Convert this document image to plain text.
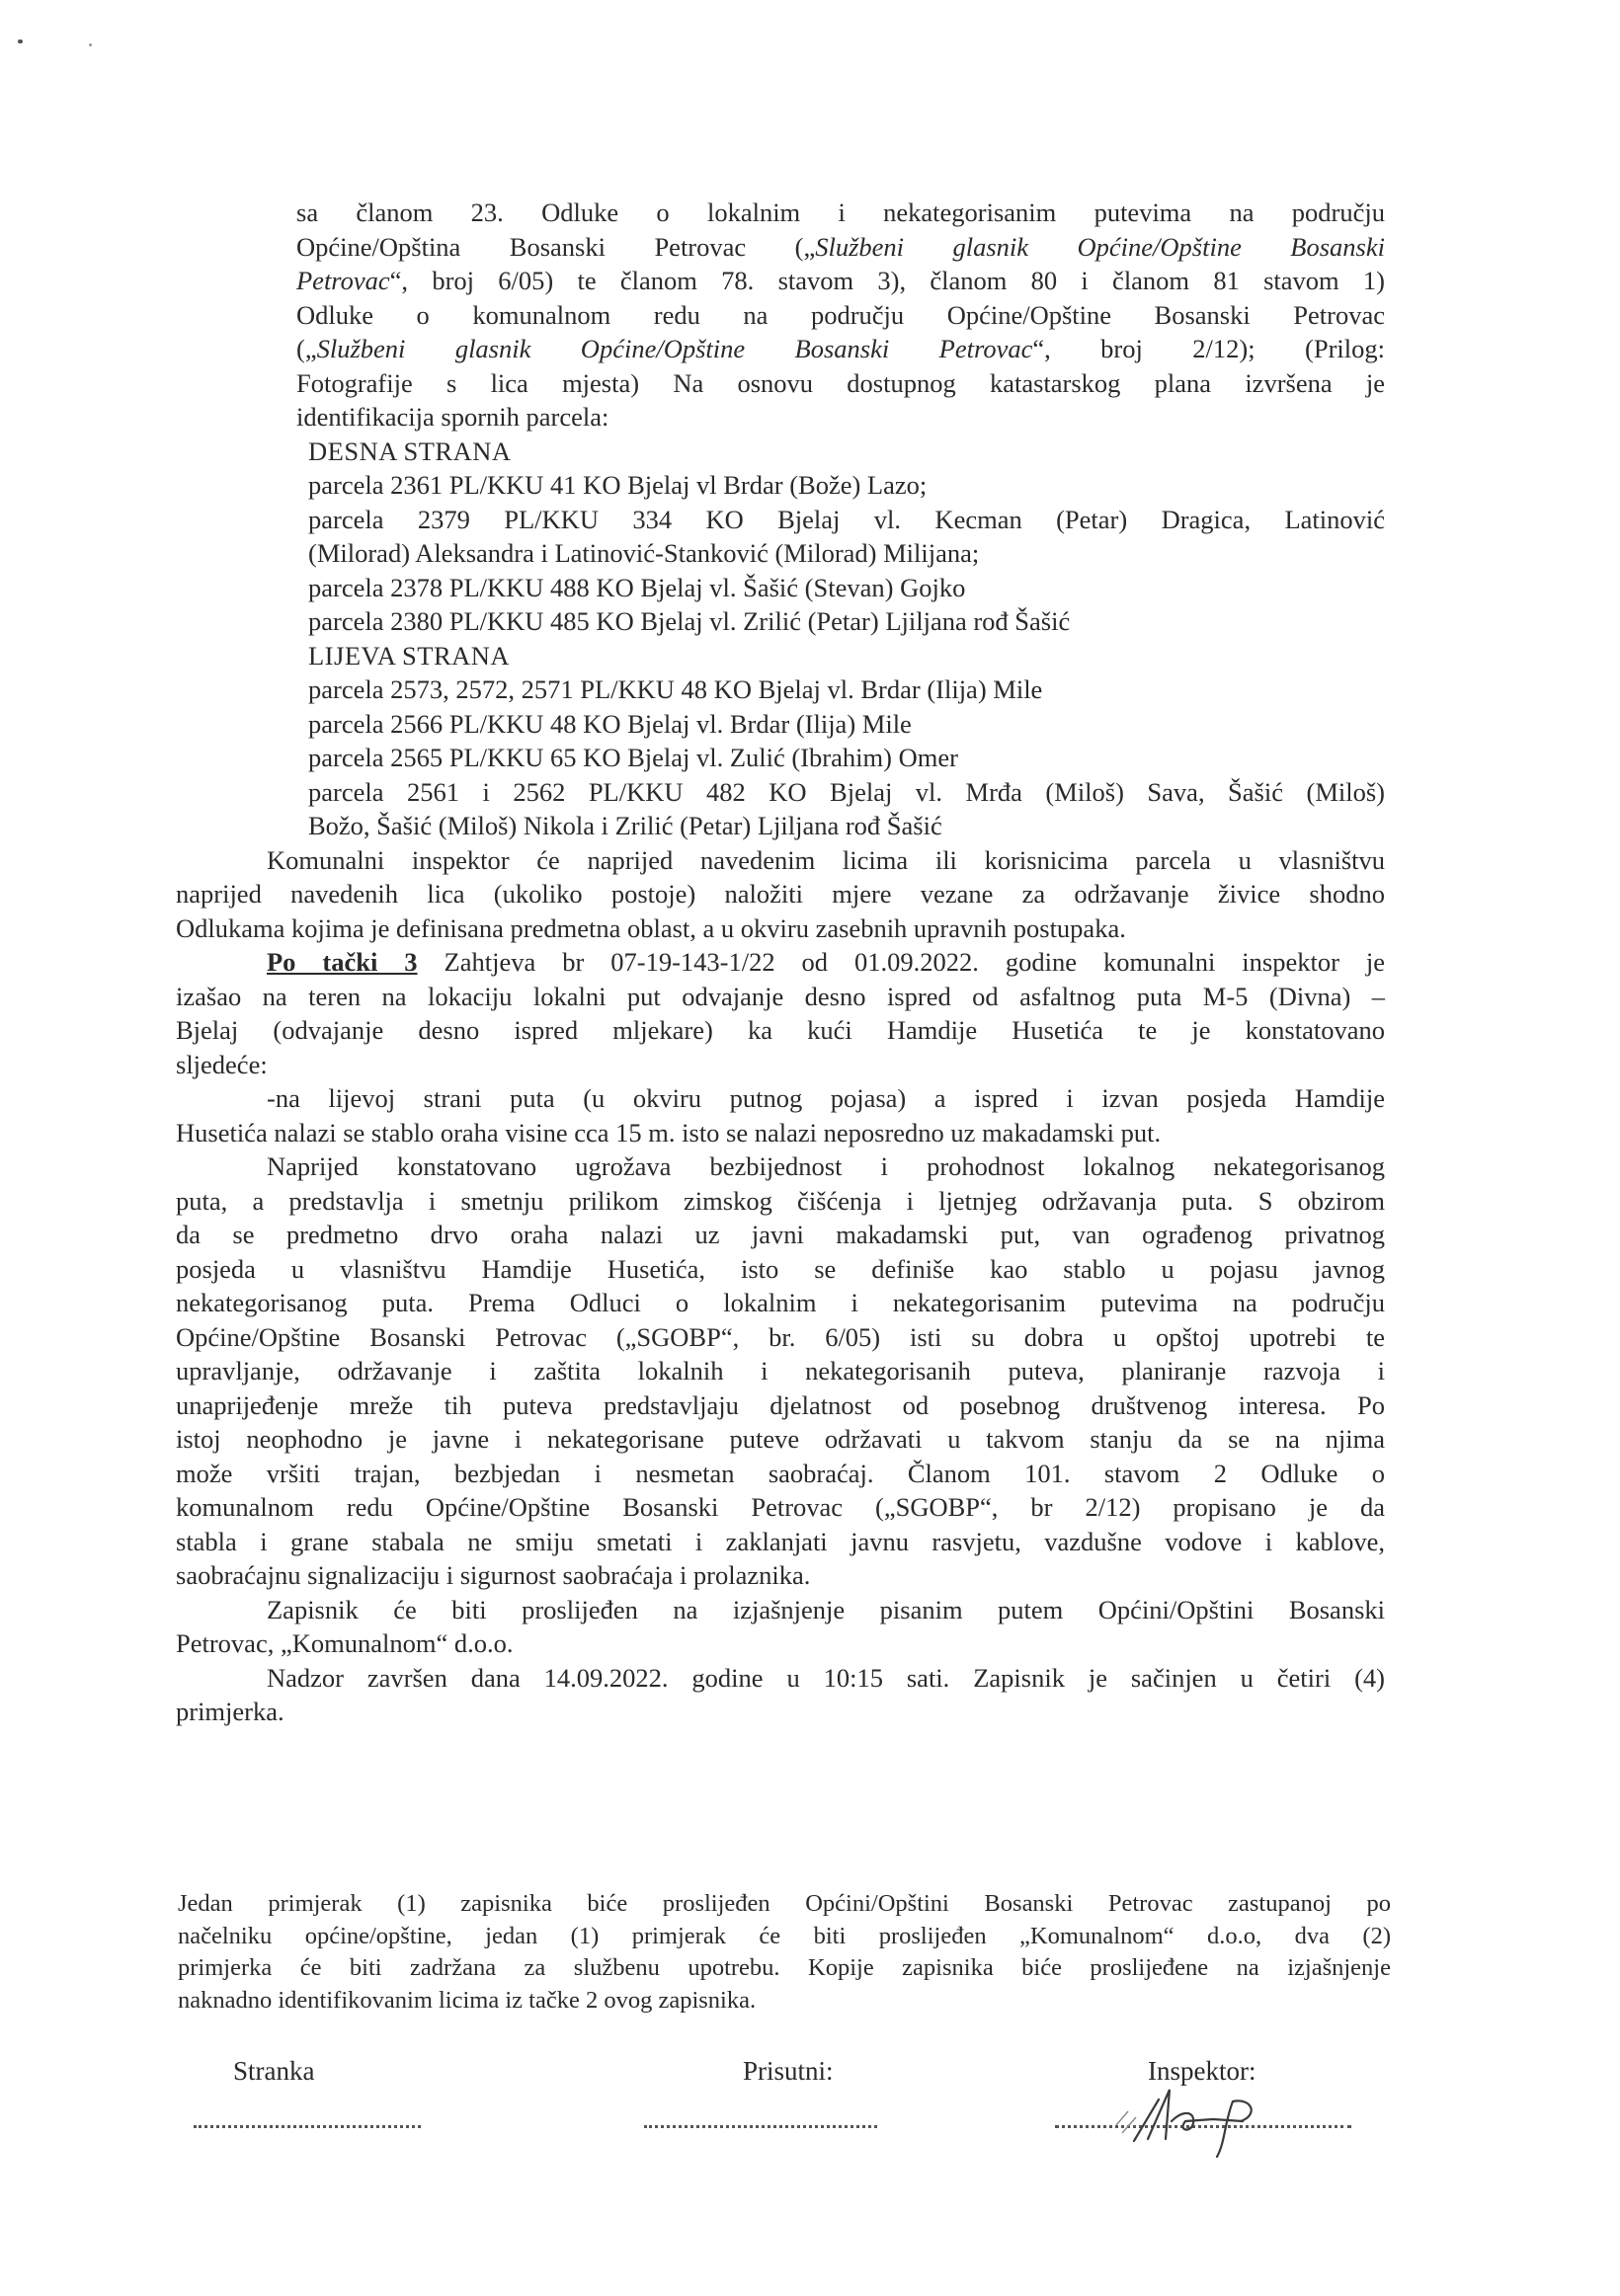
sa članom 23. Odluke o lokalnim i nekategorisanim putevima na području

Općine/Opština Bosanski Petrovac („Službeni glasnik Općine/Opštine Bosanski

Petrovac“, broj 6/05) te članom 78. stavom 3), članom 80 i članom 81 stavom 1)

Odluke o komunalnom redu na području Općine/Opštine Bosanski Petrovac

(„Službeni glasnik Općine/Opštine Bosanski Petrovac“, broj 2/12); (Prilog:

Fotografije s lica mjesta) Na osnovu dostupnog katastarskog plana izvršena je

identifikacija spornih parcela:

DESNA STRANA

parcela 2361 PL/KKU 41 KO Bjelaj vl Brdar (Bože) Lazo;

parcela 2379 PL/KKU 334 KO Bjelaj vl. Kecman (Petar) Dragica, Latinović

(Milorad) Aleksandra i Latinović-Stanković (Milorad) Milijana;

parcela 2378 PL/KKU 488 KO Bjelaj vl. Šašić (Stevan) Gojko

parcela 2380 PL/KKU 485 KO Bjelaj vl. Zrilić (Petar) Ljiljana rođ Šašić

LIJEVA STRANA

parcela 2573, 2572, 2571 PL/KKU 48 KO Bjelaj vl. Brdar (Ilija) Mile

parcela 2566 PL/KKU 48 KO Bjelaj vl. Brdar (Ilija) Mile

parcela 2565 PL/KKU 65 KO Bjelaj vl. Zulić (Ibrahim) Omer

parcela 2561 i 2562 PL/KKU 482 KO Bjelaj vl. Mrđa (Miloš) Sava, Šašić (Miloš)

Božo, Šašić (Miloš) Nikola i Zrilić (Petar) Ljiljana rođ Šašić

Komunalni inspektor će naprijed navedenim licima ili korisnicima parcela u vlasništvu

naprijed navedenih lica (ukoliko postoje) naložiti mjere vezane za održavanje živice shodno

Odlukama kojima je definisana predmetna oblast, a u okviru zasebnih upravnih postupaka.

Po tački 3 Zahtjeva br 07-19-143-1/22 od 01.09.2022. godine komunalni inspektor je

izašao na teren na lokaciju lokalni put odvajanje desno ispred od asfaltnog puta M-5 (Divna) –

Bjelaj (odvajanje desno ispred mljekare) ka kući Hamdije Husetića te je konstatovano

sljedeće:

-na lijevoj strani puta (u okviru putnog pojasa) a ispred i izvan posjeda Hamdije

Husetića nalazi se stablo oraha visine cca 15 m. isto se nalazi neposredno uz makadamski put.

Naprijed konstatovano ugrožava bezbijednost i prohodnost lokalnog nekategorisanog

puta, a predstavlja i smetnju prilikom zimskog čišćenja i ljetnjeg održavanja puta. S obzirom

da se predmetno drvo oraha nalazi uz javni makadamski put, van ograđenog privatnog

posjeda u vlasništvu Hamdije Husetića, isto se definiše kao stablo u pojasu javnog

nekategorisanog puta. Prema Odluci o lokalnim i nekategorisanim putevima na području

Općine/Opštine Bosanski Petrovac („SGOBP“, br. 6/05) isti su dobra u opštoj upotrebi te

upravljanje, održavanje i zaštita lokalnih i nekategorisanih puteva, planiranje razvoja i

unaprijeđenje mreže tih puteva predstavljaju djelatnost od posebnog društvenog interesa. Po

istoj neophodno je javne i nekategorisane puteve održavati u takvom stanju da se na njima

može vršiti trajan, bezbjedan i nesmetan saobraćaj. Članom 101. stavom 2 Odluke o

komunalnom redu Općine/Opštine Bosanski Petrovac („SGOBP“, br 2/12) propisano je da

stabla i grane stabala ne smiju smetati i zaklanjati javnu rasvjetu, vazdušne vodove i kablove,

saobraćajnu signalizaciju i sigurnost saobraćaja i prolaznika.

Zapisnik će biti proslijeđen na izjašnjenje pisanim putem Općini/Opštini Bosanski

Petrovac, „Komunalnom“ d.o.o.

Nadzor završen dana 14.09.2022. godine u 10:15 sati. Zapisnik je sačinjen u četiri (4)

primjerka.

Jedan primjerak (1) zapisnika biće proslijeđen Općini/Opštini Bosanski Petrovac zastupanoj po

načelniku općine/opštine, jedan (1) primjerak će biti proslijeđen „Komunalnom“ d.o.o, dva (2)

primjerka će biti zadržana za službenu upotrebu. Kopije zapisnika biće proslijeđene na izjašnjenje

naknadno identifikovanim licima iz tačke 2 ovog zapisnika.

Stranka	Prisutni:	Inspektor:
